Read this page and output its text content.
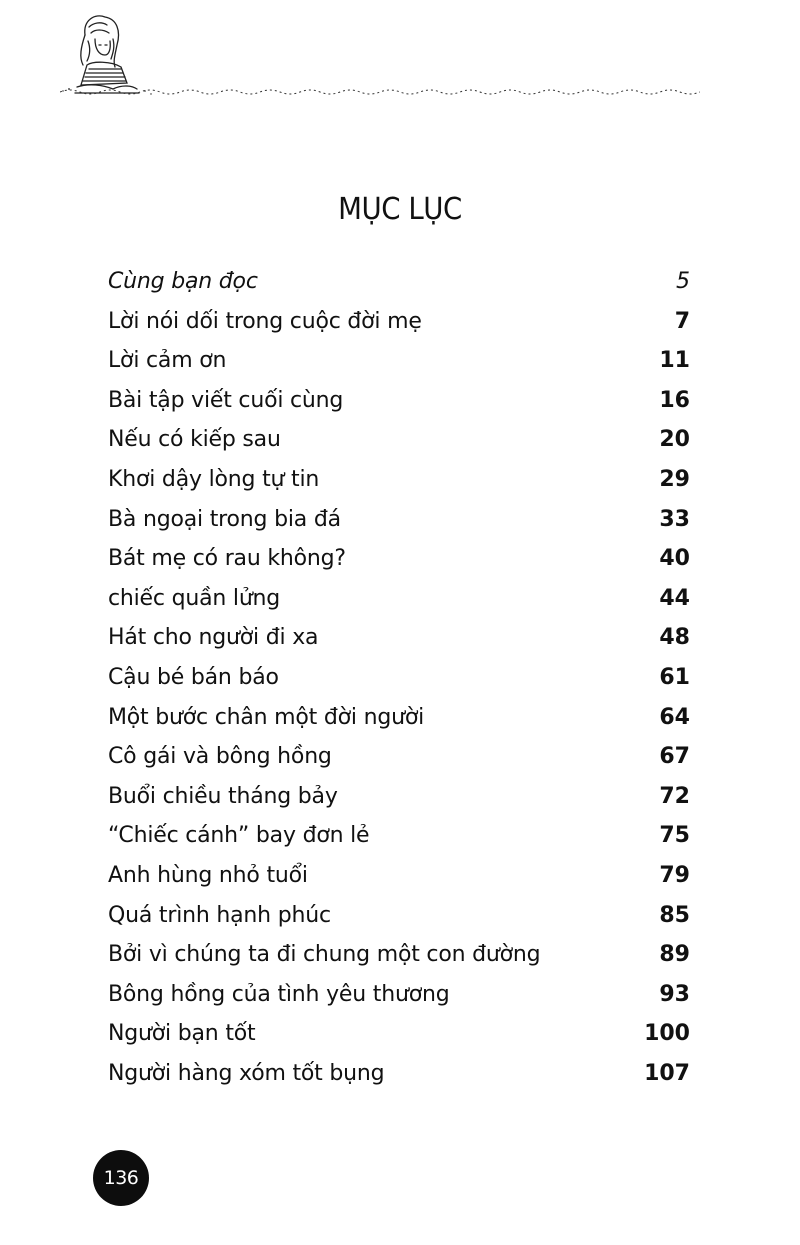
MỤC LỤC
Cùng bạn đọc	5
Lời nói dối trong cuộc đời mẹ	7
Lời cảm ơn	11
Bài tập viết cuối cùng	16
Nếu có kiếp sau	20
Khơi dậy lòng tự tin	29
Bà ngoại trong bia đá	33
Bát mẹ có rau không?	40
chiếc quần lửng	44
Hát cho người đi xa	48
Cậu bé bán báo	61
Một bước chân một đời người	64
Cô gái và bông hồng	67
Buổi chiều tháng bảy	72
“Chiếc cánh” bay đơn lẻ	75
Anh hùng nhỏ tuổi	79
Quá trình hạnh phúc	85
Bởi vì chúng ta đi chung một con đường	89
Bông hồng của tình yêu thương	93
Người bạn tốt	100
Người hàng xóm tốt bụng	107
136
